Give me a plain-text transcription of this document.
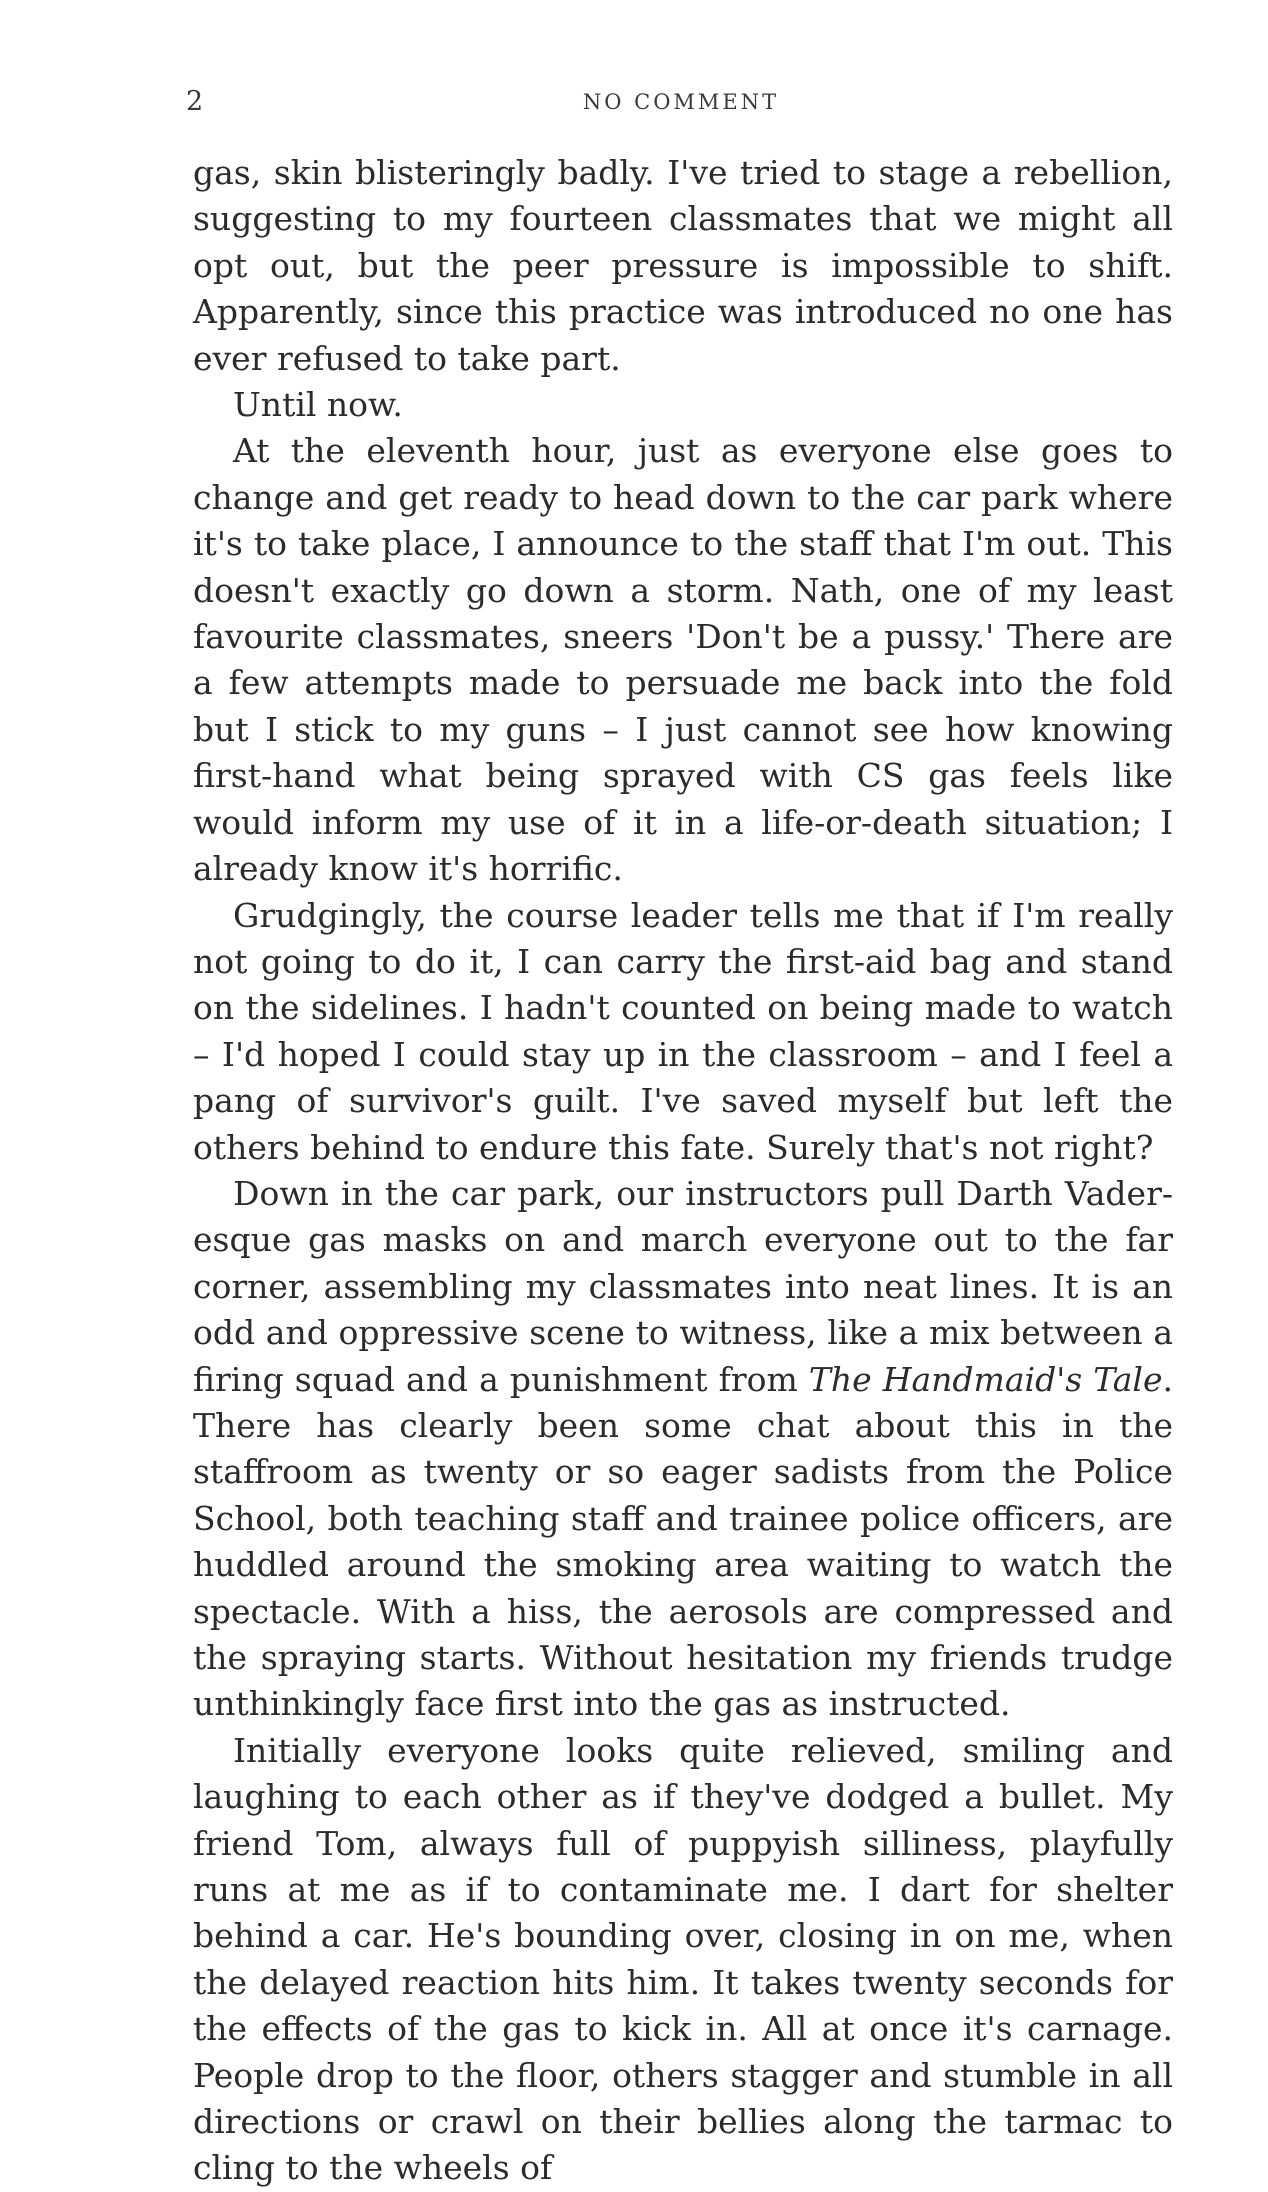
2	NO COMMENT

gas, skin blisteringly badly. I've tried to stage a rebellion, suggesting to my fourteen classmates that we might all opt out, but the peer pressure is impossible to shift. Apparently, since this practice was introduced no one has ever refused to take part.

Until now.

At the eleventh hour, just as everyone else goes to change and get ready to head down to the car park where it's to take place, I announce to the staff that I'm out. This doesn't exactly go down a storm. Nath, one of my least favourite classmates, sneers 'Don't be a pussy.' There are a few attempts made to persuade me back into the fold but I stick to my guns – I just cannot see how knowing first-hand what being sprayed with CS gas feels like would inform my use of it in a life-or-death situation; I already know it's horrific.

Grudgingly, the course leader tells me that if I'm really not going to do it, I can carry the first-aid bag and stand on the sidelines. I hadn't counted on being made to watch – I'd hoped I could stay up in the classroom – and I feel a pang of survivor's guilt. I've saved myself but left the others behind to endure this fate. Surely that's not right?

Down in the car park, our instructors pull Darth Vader-esque gas masks on and march everyone out to the far corner, assembling my classmates into neat lines. It is an odd and oppressive scene to witness, like a mix between a firing squad and a punishment from The Handmaid's Tale. There has clearly been some chat about this in the staffroom as twenty or so eager sadists from the Police School, both teaching staff and trainee police officers, are huddled around the smoking area waiting to watch the spectacle. With a hiss, the aerosols are compressed and the spraying starts. Without hesitation my friends trudge unthinkingly face first into the gas as instructed.

Initially everyone looks quite relieved, smiling and laughing to each other as if they've dodged a bullet. My friend Tom, always full of puppyish silliness, playfully runs at me as if to contaminate me. I dart for shelter behind a car. He's bounding over, closing in on me, when the delayed reaction hits him. It takes twenty seconds for the effects of the gas to kick in. All at once it's carnage. People drop to the floor, others stagger and stumble in all directions or crawl on their bellies along the tarmac to cling to the wheels of
